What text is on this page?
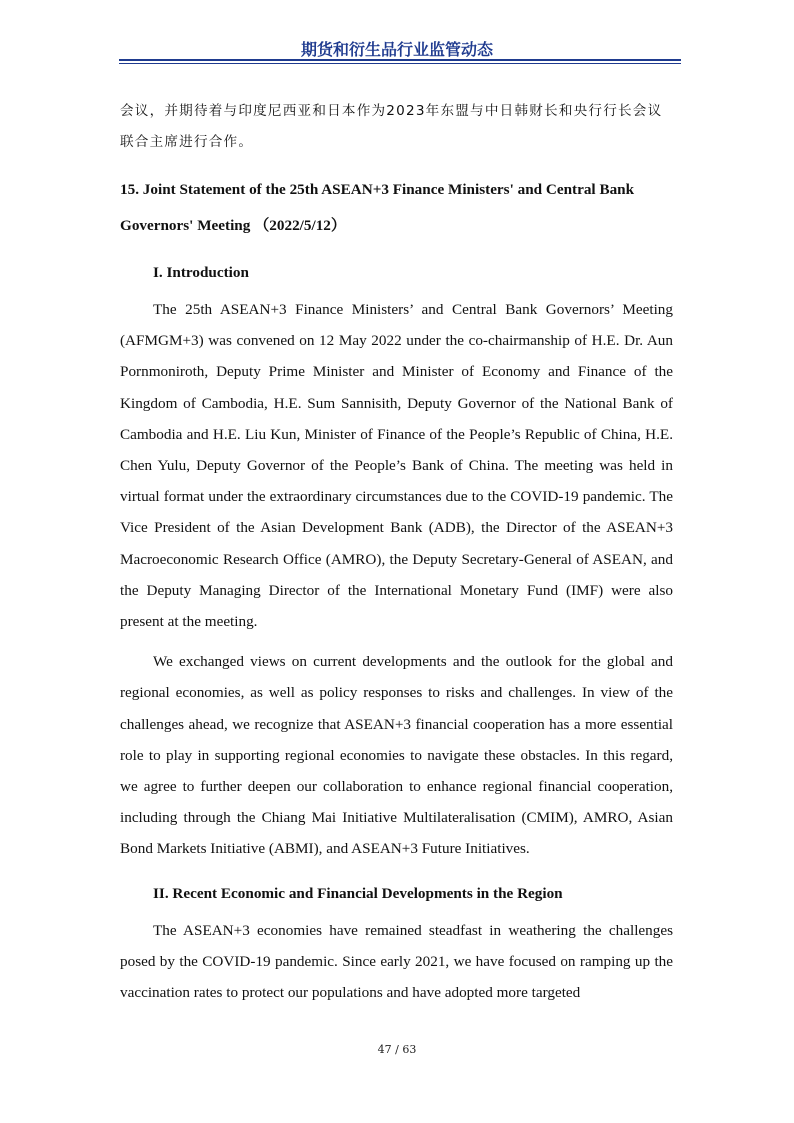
期货和衍生品行业监管动态

会议，并期待着与印度尼西亚和日本作为2023年东盟与中日韩财长和央行行长会议联合主席进行合作。

15. Joint Statement of the 25th ASEAN+3 Finance Ministers' and Central Bank Governors' Meeting （2022/5/12）

I. Introduction

The 25th ASEAN+3 Finance Ministers’ and Central Bank Governors’ Meeting (AFMGM+3) was convened on 12 May 2022 under the co-chairmanship of H.E. Dr. Aun Pornmoniroth, Deputy Prime Minister and Minister of Economy and Finance of the Kingdom of Cambodia, H.E. Sum Sannisith, Deputy Governor of the National Bank of Cambodia and H.E. Liu Kun, Minister of Finance of the People’s Republic of China, H.E. Chen Yulu, Deputy Governor of the People’s Bank of China. The meeting was held in virtual format under the extraordinary circumstances due to the COVID-19 pandemic. The Vice President of the Asian Development Bank (ADB), the Director of the ASEAN+3 Macroeconomic Research Office (AMRO), the Deputy Secretary-General of ASEAN, and the Deputy Managing Director of the International Monetary Fund (IMF) were also present at the meeting.

We exchanged views on current developments and the outlook for the global and regional economies, as well as policy responses to risks and challenges. In view of the challenges ahead, we recognize that ASEAN+3 financial cooperation has a more essential role to play in supporting regional economies to navigate these obstacles. In this regard, we agree to further deepen our collaboration to enhance regional financial cooperation, including through the Chiang Mai Initiative Multilateralisation (CMIM), AMRO, Asian Bond Markets Initiative (ABMI), and ASEAN+3 Future Initiatives.

II. Recent Economic and Financial Developments in the Region

The ASEAN+3 economies have remained steadfast in weathering the challenges posed by the COVID-19 pandemic. Since early 2021, we have focused on ramping up the vaccination rates to protect our populations and have adopted more targeted

47 / 63
